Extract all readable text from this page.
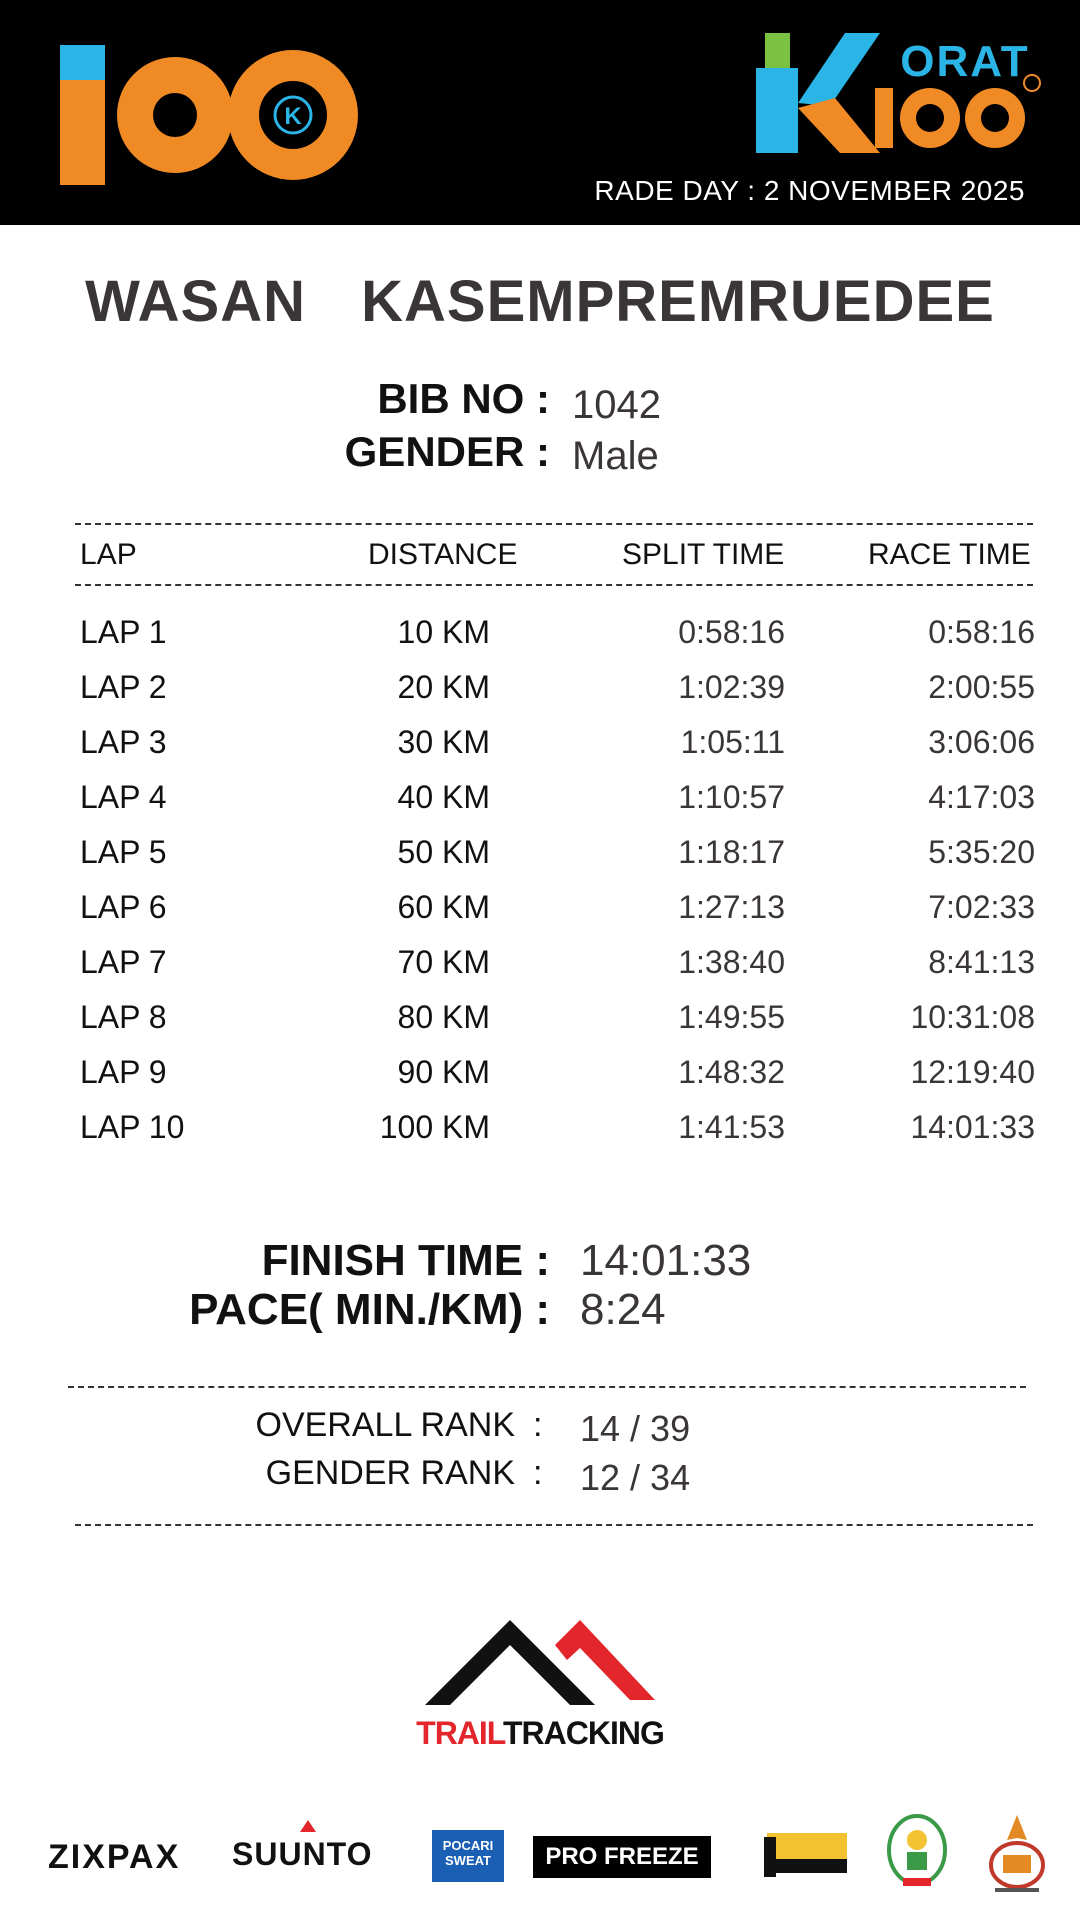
K
ORAT
RADE DAY : 2 NOVEMBER 2025
WASAN KASEMPREMRUEDEE
BIB NO : 1042
GENDER : Male
LAP	DISTANCE	SPLIT TIME	RACE TIME
LAP 1	10 KM	0:58:16	0:58:16
LAP 2	20 KM	1:02:39	2:00:55
LAP 3	30 KM	1:05:11	3:06:06
LAP 4	40 KM	1:10:57	4:17:03
LAP 5	50 KM	1:18:17	5:35:20
LAP 6	60 KM	1:27:13	7:02:33
LAP 7	70 KM	1:38:40	8:41:13
LAP 8	80 KM	1:49:55	10:31:08
LAP 9	90 KM	1:48:32	12:19:40
LAP 10	100 KM	1:41:53	14:01:33
FINISH TIME : 14:01:33
PACE( MIN./KM) : 8:24
OVERALL RANK : 14 / 39
GENDER RANK : 12 / 34
TRAILTRACKING
ZIXPAX SUUNTO	POCARI SWEAT	PRO FREEZE
